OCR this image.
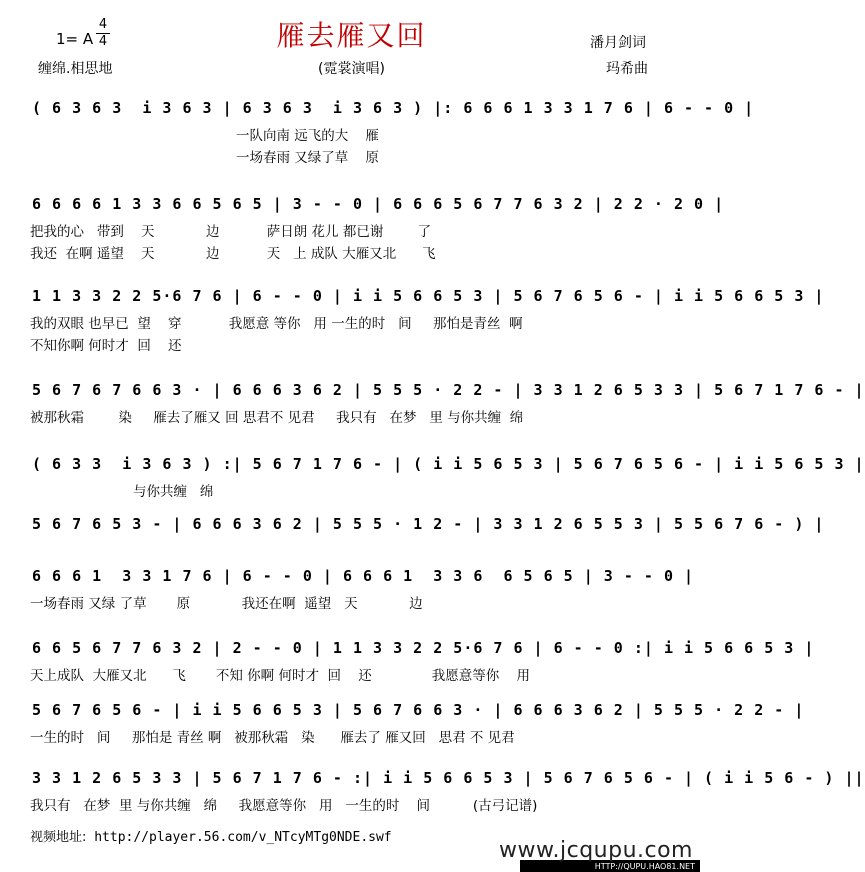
雁去雁又回
1= A
4
4
缠绵.相思地	(霓裳演唱)
潘月剑词
玛希曲
( 6 3 6 3  i 3 6 3 | 6 3 6 3  i 3 6 3 ) |: 6 6 6 1 3 3 1 7 6 | 6 - - 0 |
一队向南 远飞的大    雁
一场春雨 又绿了草    原
6 6 6 6 1 3 3 6 6 5 6 5 | 3 - - 0 | 6 6 6 5 6 7 7 6 3 2 | 2 2 · 2 0 |
把我的心   带到    天            边           萨日朗 花儿 都已谢        了
我还  在啊 遥望    天            边           天   上 成队 大雁又北      飞
1 1 3 3 2 2 5·6 7 6 | 6 - - 0 | i i 5 6 6 5 3 | 5 6 7 6 5 6 - | i i 5 6 6 5 3 |
我的双眼 也早已  望    穿           我愿意 等你   用 一生的时   间     那怕是青丝  啊
不知你啊 何时才  回    还
5 6 7 6 7 6 6 3 · | 6 6 6 3 6 2 | 5 5 5 · 2 2 - | 3 3 1 2 6 5 3 3 | 5 6 7 1 7 6 - |
被那秋霜        染     雁去了雁又 回 思君不 见君     我只有   在梦   里 与你共缠  绵
( 6 3 3  i 3 6 3 ) :| 5 6 7 1 7 6 - | ( i i 5 6 5 3 | 5 6 7 6 5 6 - | i i 5 6 5 3 |
与你共缠   绵
5 6 7 6 5 3 - | 6 6 6 3 6 2 | 5 5 5 · 1 2 - | 3 3 1 2 6 5 5 3 | 5 5 6 7 6 - ) |
6 6 6 1  3 3 1 7 6 | 6 - - 0 | 6 6 6 1  3 3 6  6 5 6 5 | 3 - - 0 |
一场春雨 又绿 了草       原            我还在啊  遥望   天            边
6 6 5 6 7 7 6 3 2 | 2 - - 0 | 1 1 3 3 2 2 5·6 7 6 | 6 - - 0 :| i i 5 6 6 5 3 |
天上成队  大雁又北      飞       不知 你啊 何时才  回    还              我愿意等你    用
5 6 7 6 5 6 - | i i 5 6 6 5 3 | 5 6 7 6 6 3 · | 6 6 6 3 6 2 | 5 5 5 · 2 2 - |
一生的时   间     那怕是 青丝 啊   被那秋霜   染      雁去了 雁又回   思君 不 见君
3 3 1 2 6 5 3 3 | 5 6 7 1 7 6 - :| i i 5 6 6 5 3 | 5 6 7 6 5 6 - | ( i i 5 6 - ) ||
我只有   在梦  里 与你共缠   绵     我愿意等你   用   一生的时    间          (古弓记谱)
视频地址: http://player.56.com/v_NTcyMTg0NDE.swf
www.jcqupu.com
HTTP://QUPU.HAO81.NET
